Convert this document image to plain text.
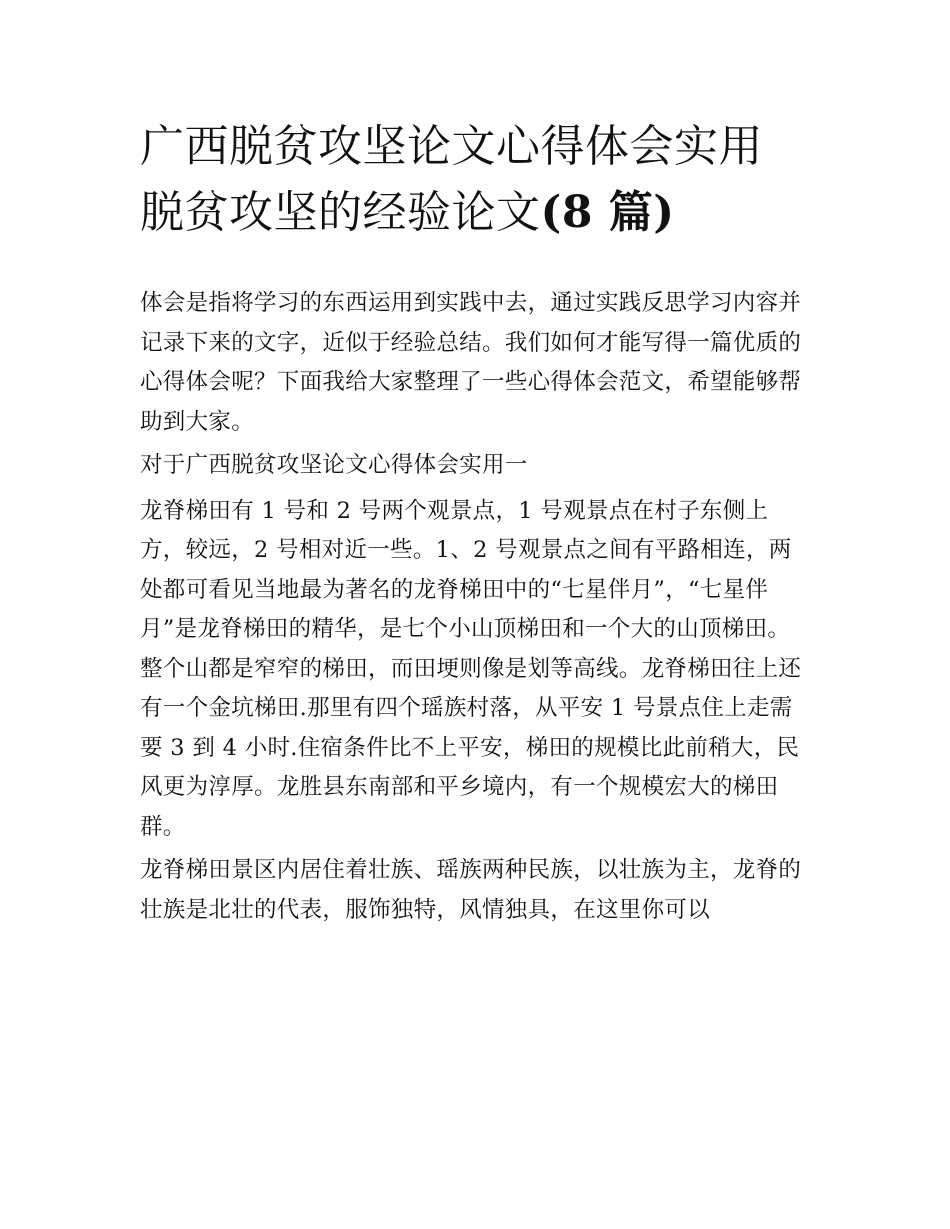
广西脱贫攻坚论文心得体会实用 脱贫攻坚的经验论文(8 篇)

体会是指将学习的东西运用到实践中去，通过实践反思学习内容并记录下来的文字，近似于经验总结。我们如何才能写得一篇优质的心得体会呢？下面我给大家整理了一些心得体会范文，希望能够帮助到大家。

对于广西脱贫攻坚论文心得体会实用一

龙脊梯田有 1 号和 2 号两个观景点，1 号观景点在村子东侧上方，较远，2 号相对近一些。1、2 号观景点之间有平路相连，两处都可看见当地最为著名的龙脊梯田中的“七星伴月”，“七星伴月”是龙脊梯田的精华，是七个小山顶梯田和一个大的山顶梯田。整个山都是窄窄的梯田，而田埂则像是划等高线。龙脊梯田往上还有一个金坑梯田.那里有四个瑶族村落，从平安 1 号景点住上走需要 3 到 4 小时.住宿条件比不上平安，梯田的规模比此前稍大，民风更为淳厚。龙胜县东南部和平乡境内，有一个规模宏大的梯田群。

龙脊梯田景区内居住着壮族、瑶族两种民族，以壮族为主，龙脊的壮族是北壮的代表，服饰独特，风情独具，在这里你可以
